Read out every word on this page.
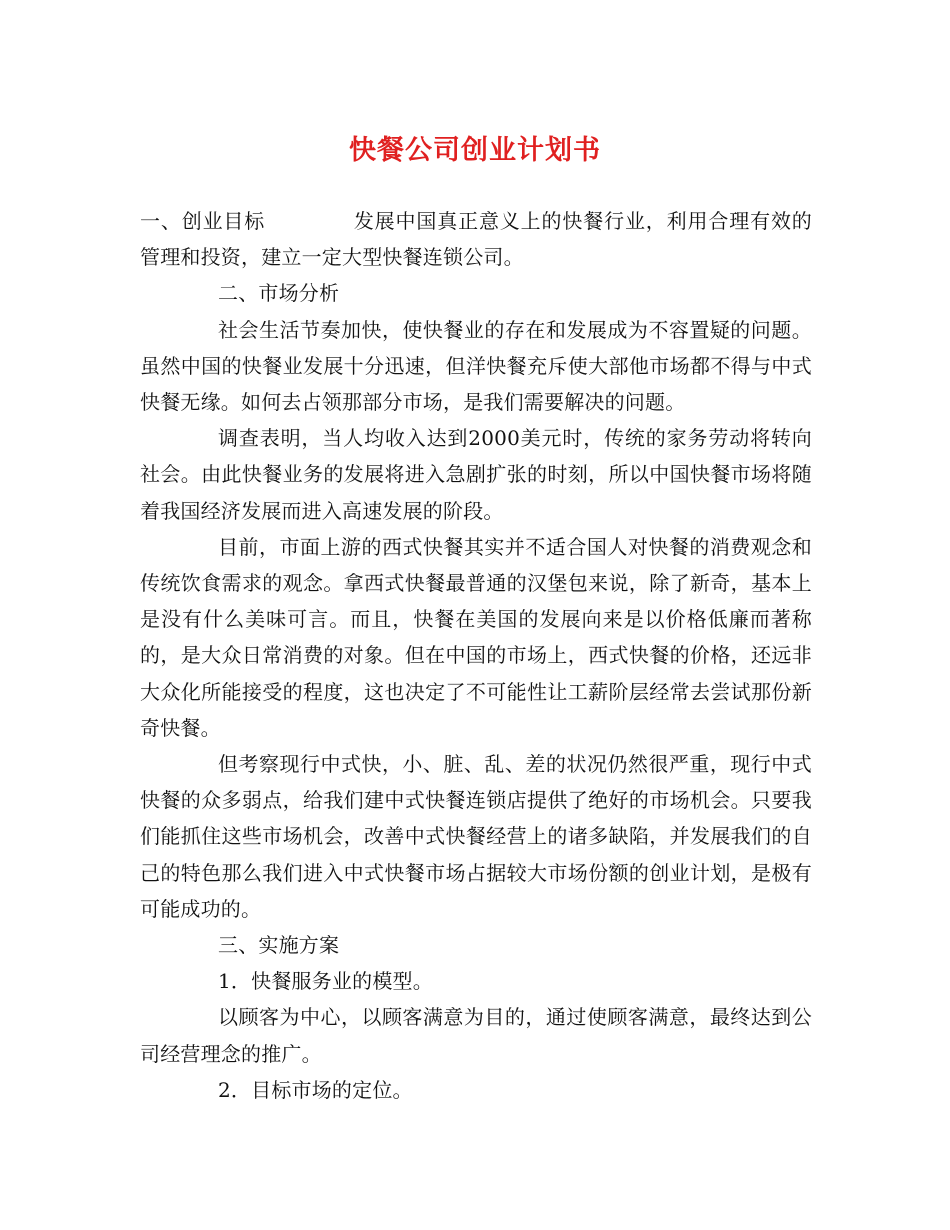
快餐公司创业计划书

一、创业目标	发展中国真正意义上的快餐行业，利用合理有效的管理和投资，建立一定大型快餐连锁公司。

二、市场分析

社会生活节奏加快，使快餐业的存在和发展成为不容置疑的问题。虽然中国的快餐业发展十分迅速，但洋快餐充斥使大部他市场都不得与中式快餐无缘。如何去占领那部分市场，是我们需要解决的问题。

调查表明，当人均收入达到2000美元时，传统的家务劳动将转向社会。由此快餐业务的发展将进入急剧扩张的时刻，所以中国快餐市场将随着我国经济发展而进入高速发展的阶段。

目前，市面上游的西式快餐其实并不适合国人对快餐的消费观念和传统饮食需求的观念。拿西式快餐最普通的汉堡包来说，除了新奇，基本上是没有什么美味可言。而且，快餐在美国的发展向来是以价格低廉而著称的，是大众日常消费的对象。但在中国的市场上，西式快餐的价格，还远非大众化所能接受的程度，这也决定了不可能性让工薪阶层经常去尝试那份新奇快餐。

但考察现行中式快，小、脏、乱、差的状况仍然很严重，现行中式快餐的众多弱点，给我们建中式快餐连锁店提供了绝好的市场机会。只要我们能抓住这些市场机会，改善中式快餐经营上的诸多缺陷，并发展我们的自己的特色那么我们进入中式快餐市场占据较大市场份额的创业计划，是极有可能成功的。

三、实施方案

1．快餐服务业的模型。

以顾客为中心，以顾客满意为目的，通过使顾客满意，最终达到公司经营理念的推广。

2．目标市场的定位。
